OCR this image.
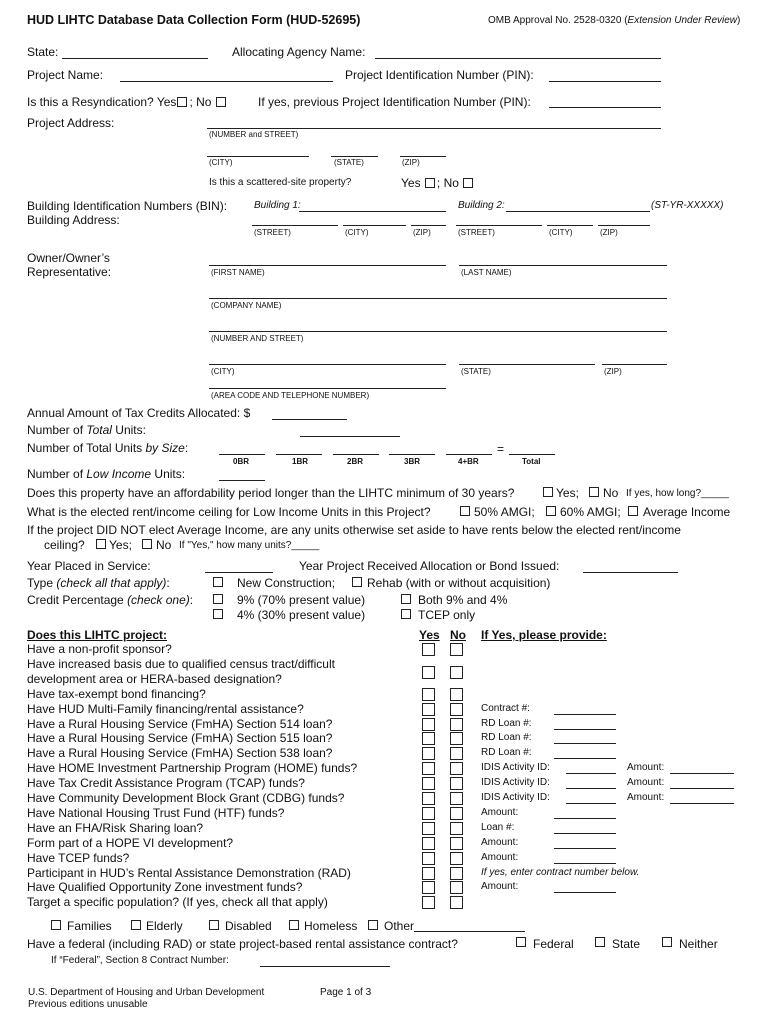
HUD LIHTC Database Data Collection Form (HUD-52695)	OMB Approval No. 2528-0320 (Extension Under Review)
State:	Allocating Agency Name:
Project Name:	Project Identification Number (PIN):
Is this a Resyndication? Yes ; No	If yes, previous Project Identification Number (PIN):
Project Address:
(NUMBER and STREET)
(CITY)	(STATE)	(ZIP)
Is this a scattered-site property?	Yes ; No
Building Identification Numbers (BIN):	Building 1:	Building 2:	(ST-YR-XXXXX)
Building Address:
(STREET)	(CITY)	(ZIP)	(STREET)	(CITY)	(ZIP)
Owner/Owner’s
Representative:	(FIRST NAME)	(LAST NAME)
(COMPANY NAME)
(NUMBER AND STREET)
(CITY)	(STATE)	(ZIP)
(AREA CODE AND TELEPHONE NUMBER)
Annual Amount of Tax Credits Allocated: $
Number of Total Units:
Number of Total Units by Size:	=
0BR	1BR	2BR	3BR	4+BR	Total
Number of Low Income Units:
Does this property have an affordability period longer than the LIHTC minimum of 30 years?	Yes; No If yes, how long?_____
What is the elected rent/income ceiling for Low Income Units in this Project?	50% AMGI; 60% AMGI; Average Income
If the project DID NOT elect Average Income, are any units otherwise set aside to have rents below the elected rent/income
ceiling? Yes; No If "Yes," how many units?_____
Year Placed in Service:	Year Project Received Allocation or Bond Issued:
Type (check all that apply):	New Construction;	Rehab (with or without acquisition)
Credit Percentage (check one):	9% (70% present value)	Both 9% and 4%
4% (30% present value)	TCEP only
Does this LIHTC project:	Yes No If Yes, please provide:
Have a non-profit sponsor?
Have increased basis due to qualified census tract/difficult
development area or HERA-based designation?
Have tax-exempt bond financing?
Have HUD Multi-Family financing/rental assistance?	Contract #:
Have a Rural Housing Service (FmHA) Section 514 loan?	RD Loan #:
Have a Rural Housing Service (FmHA) Section 515 loan?	RD Loan #:
Have a Rural Housing Service (FmHA) Section 538 loan?	RD Loan #:
Have HOME Investment Partnership Program (HOME) funds?	IDIS Activity ID:	Amount:
Have Tax Credit Assistance Program (TCAP) funds?	IDIS Activity ID:	Amount:
Have Community Development Block Grant (CDBG) funds?	IDIS Activity ID:	Amount:
Have National Housing Trust Fund (HTF) funds?	Amount:
Have an FHA/Risk Sharing loan?	Loan #:
Form part of a HOPE VI development?	Amount:
Have TCEP funds?	Amount:
Participant in HUD’s Rental Assistance Demonstration (RAD)	If yes, enter contract number below.
Have Qualified Opportunity Zone investment funds?	Amount:
Target a specific population? (If yes, check all that apply)
Families	Elderly	Disabled	Homeless Other
Have a federal (including RAD) or state project-based rental assistance contract?	Federal	State	Neither
If “Federal”, Section 8 Contract Number:
U.S. Department of Housing and Urban Development
Previous editions unusable
Page 1 of 3
